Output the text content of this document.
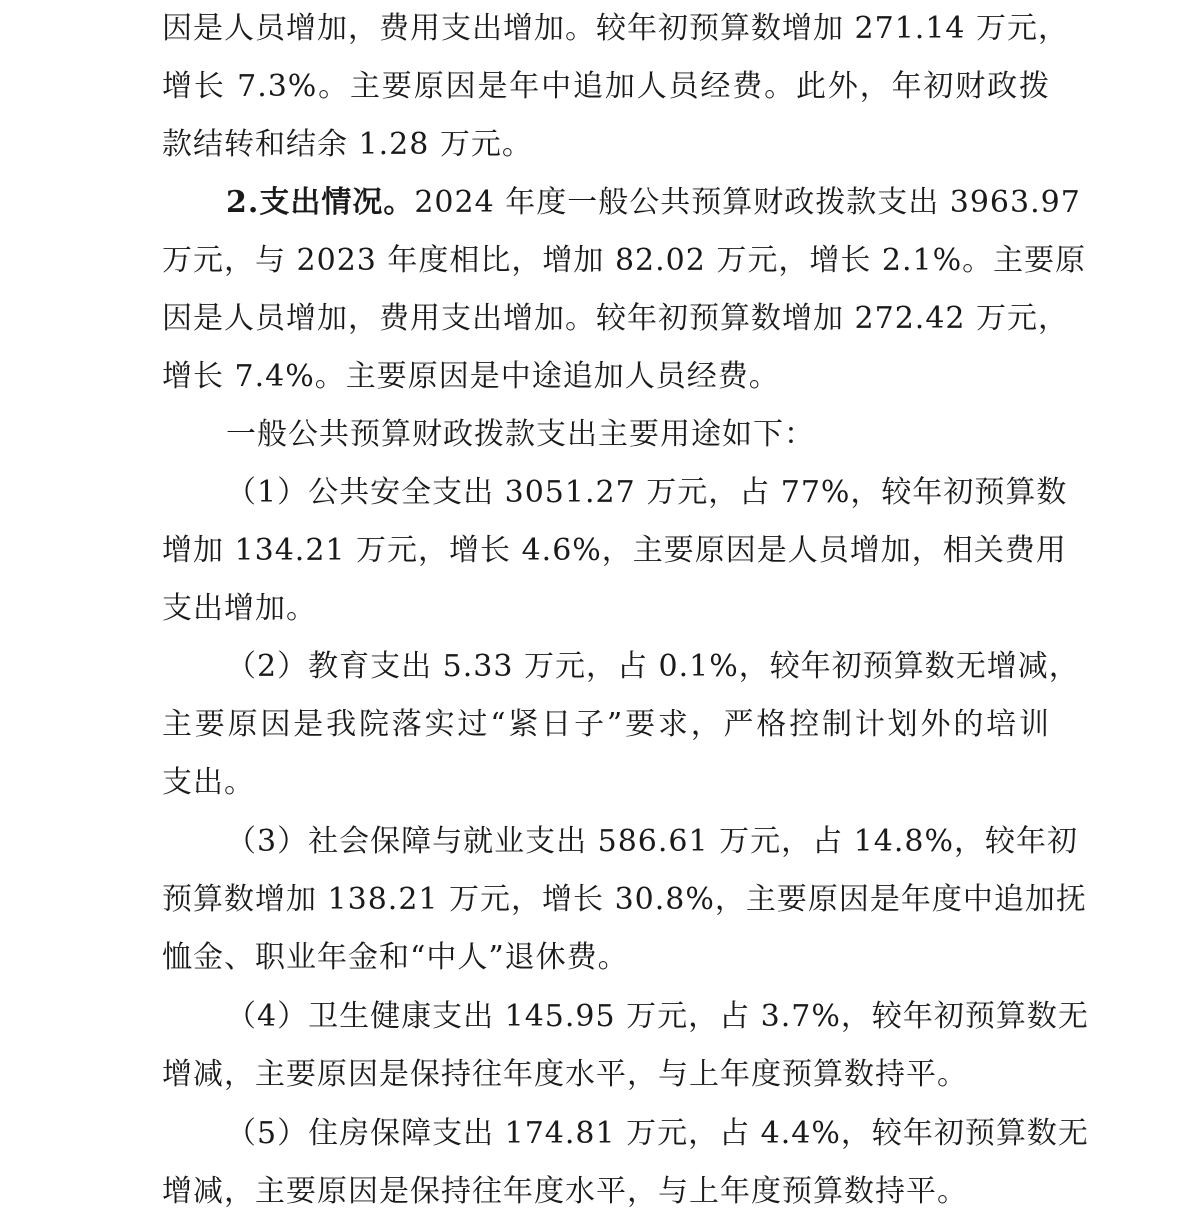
因是人员增加，费用支出增加。较年初预算数增加 271.14 万元，
增长 7.3%。主要原因是年中追加人员经费。此外，年初财政拨
款结转和结余 1.28 万元。

2.支出情况。2024 年度一般公共预算财政拨款支出 3963.97
万元，与 2023 年度相比，增加 82.02 万元，增长 2.1%。主要原
因是人员增加，费用支出增加。较年初预算数增加 272.42 万元，
增长 7.4%。主要原因是中途追加人员经费。

一般公共预算财政拨款支出主要用途如下：

（1）公共安全支出 3051.27 万元，占 77%，较年初预算数
增加 134.21 万元，增长 4.6%，主要原因是人员增加，相关费用
支出增加。

（2）教育支出 5.33 万元，占 0.1%，较年初预算数无增减，
主要原因是我院落实过“紧日子”要求，严格控制计划外的培训
支出。

（3）社会保障与就业支出 586.61 万元，占 14.8%，较年初
预算数增加 138.21 万元，增长 30.8%，主要原因是年度中追加抚
恤金、职业年金和“中人”退休费。

（4）卫生健康支出 145.95 万元，占 3.7%，较年初预算数无
增减，主要原因是保持往年度水平，与上年度预算数持平。

（5）住房保障支出 174.81 万元，占 4.4%，较年初预算数无
增减，主要原因是保持往年度水平，与上年度预算数持平。
